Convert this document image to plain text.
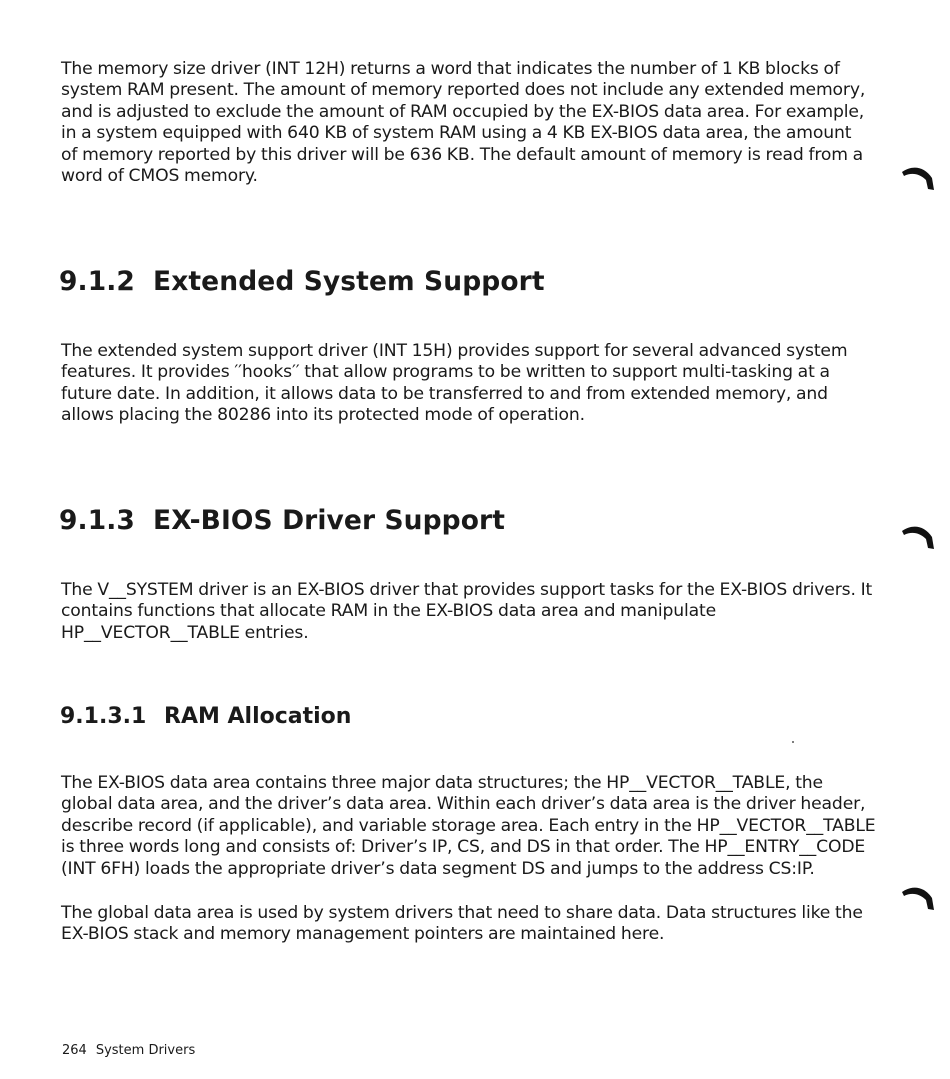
The memory size driver (INT 12H) returns a word that indicates the number of 1 KB blocks of
system RAM present. The amount of memory reported does not include any extended memory,
and is adjusted to exclude the amount of RAM occupied by the EX-BIOS data area. For example,
in a system equipped with 640 KB of system RAM using a 4 KB EX-BIOS data area, the amount
of memory reported by this driver will be 636 KB. The default amount of memory is read from a
word of CMOS memory.

9.1.2 Extended System Support

The extended system support driver (INT 15H) provides support for several advanced system
features. It provides ′′hooks′′ that allow programs to be written to support multi-tasking at a
future date. In addition, it allows data to be transferred to and from extended memory, and
allows placing the 80286 into its protected mode of operation.

9.1.3 EX-BIOS Driver Support

The V__SYSTEM driver is an EX-BIOS driver that provides support tasks for the EX-BIOS drivers. It
contains functions that allocate RAM in the EX-BIOS data area and manipulate
HP__VECTOR__TABLE entries.

9.1.3.1 RAM Allocation

The EX-BIOS data area contains three major data structures; the HP__VECTOR__TABLE, the
global data area, and the driver’s data area. Within each driver’s data area is the driver header,
describe record (if applicable), and variable storage area. Each entry in the HP__VECTOR__TABLE
is three words long and consists of: Driver’s IP, CS, and DS in that order. The HP__ENTRY__CODE
(INT 6FH) loads the appropriate driver’s data segment DS and jumps to the address CS:IP.

The global data area is used by system drivers that need to share data. Data structures like the
EX-BIOS stack and memory management pointers are maintained here.

264 System Drivers
